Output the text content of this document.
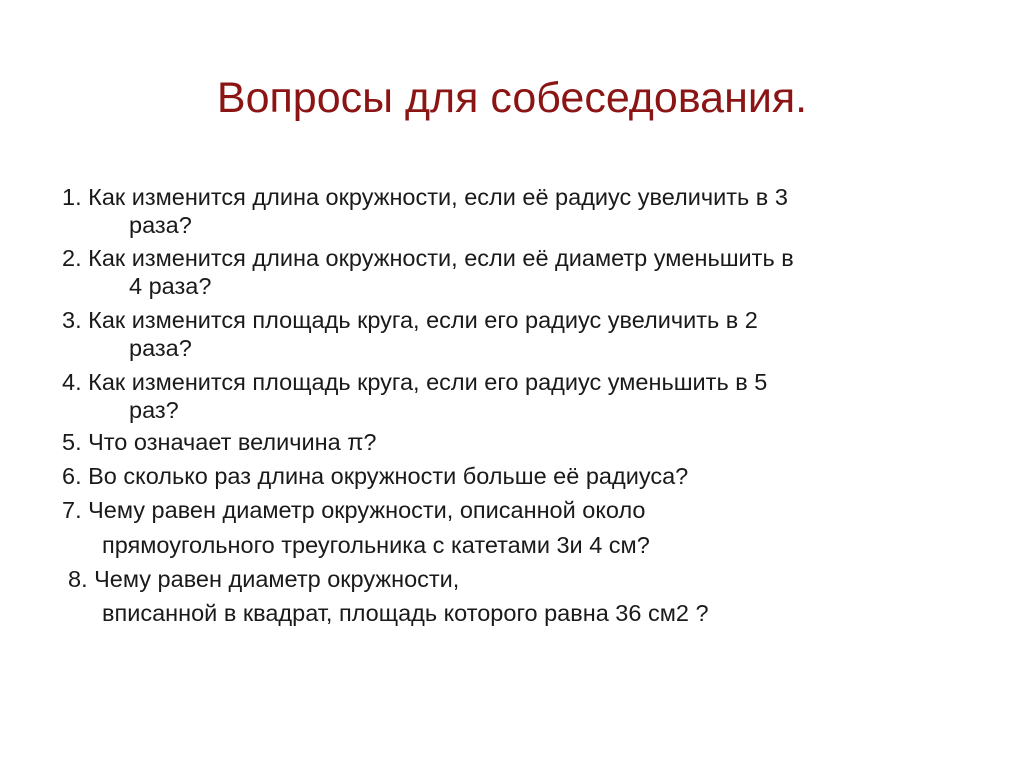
Вопросы для собеседования.
1. Как изменится длина окружности, если её радиус увеличить в 3
раза?
2. Как изменится длина окружности, если её диаметр уменьшить в
4 раза?
3. Как изменится площадь круга, если его радиус увеличить в 2
раза?
4. Как изменится площадь круга, если его радиус уменьшить в 5
раз?
5. Что означает величина π?
6. Во сколько раз длина окружности больше её радиуса?
7. Чему равен диаметр окружности, описанной около
прямоугольного треугольника с катетами 3и 4 см?
8. Чему равен диаметр окружности,
вписанной в квадрат, площадь которого равна 36 см2 ?
